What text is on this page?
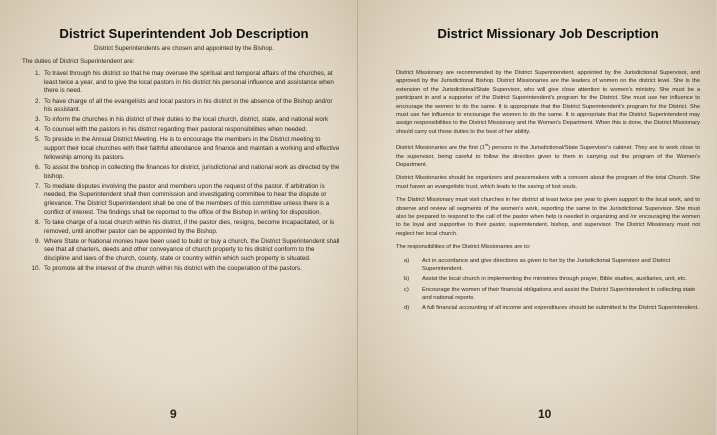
District Superintendent Job Description

District Superintendents are chosen and appointed by the Bishop.

The duties of District Superintendent are:

1. To travel through his district so that he may oversee the spiritual and temporal affairs of the churches, at least twice a year, and to give the local pastors in his district his personal influence and assistance when there is need.
2. To have charge of all the evangelists and local pastors in his district in the absence of the Bishop and/or his assistant.
3. To inform the churches in his district of their duties to the local church, district, state, and national work
4. To counsel with the pastors in his district regarding their pastoral responsibilities when needed.
5. To preside in the Annual District Meeting. He is to encourage the members in the District meeting to support their local churches with their faithful attendance and finance and maintain a working and effective fellowship among its pastors.
6. To assist the bishop in collecting the finances for district, jurisdictional and national work as directed by the bishop.
7. To mediate disputes involving the pastor and members upon the request of the pastor. If arbitration is needed, the Superintendent shall then commission and investigating committee to hear the dispute or grievance. The District Superintendent shall be one of the members of this committee unless there is a conflict of interest. The findings shall be reported to the office of the Bishop in writing for disposition.
8. To take charge of a local church within his district, if the pastor dies, resigns, become incapacitated, or is removed, until another pastor can be appointed by the Bishop.
9. Where State or National monies have been used to build or buy a church, the District Superintendent shall see that all charters, deeds and other conveyance of church property to his district conform to the discipline and laws of the church, county, state or country within which such property is situated.
10. To promote all the interest of the church within his district with the cooperation of the pastors.
9
District Missionary Job Description

District Missionary are recommended by the District Superintendent, appointed by the Jurisdictional Supervisor, and approved by the Jurisdictional Bishop. District Missionaries are the leaders of women on the district level. She is the extension of the Jurisdictional/State Supervisor, who will give close attention to women's ministry. She must be a participant in and a supporter of the District Superintendent's program for the District. She must use her influence to encourage the women to do the same. It is appropriate that the District Superintendent's program for the District. She must use her influence to encourage the women to do the same. It is appropriate that the District Superintendent may assign responsibilities to the District Missionary and the Women's Department. When this is done, the District Missionary should carry out those duties to the best of her ability.

District Missionaries are the first (1st) persons in the Jurisdictional/State Supervisor's cabinet. They are to work close to the supervisor, being careful to follow the direction given to them in carrying out the program of the Women's Department.

District Missionaries should be organizers and peacemakers with a concern about the program of the total Church. She must haven an evangelistic trust, which leads to the saving of lost souls.

The District Missionary must visit churches in her district at least twice per year to given support to the local work, and to observe and review all segments of the women's work, reporting the same to the Jurisdictional Supervisor. She must also be prepared to respond to the call of the pastor when help is needed in organizing and /or encouraging the women to be loyal and supportive to their pastor, superintendent, bishop, and supervisor. The District Missionary must not neglect her local church.

The responsibilities of the District Missionaries are to:

a)	Act in accordance and give directions as given to her by the Jurisdictional Supervisor and District Superintendent.
b)	Assist the local church in implementing the ministries through prayer, Bible studies, auxiliaries, unit, etc.
c)	Encourage the women of their financial obligations and assist the District Superintendent in collecting state and national reports.
d)	A full financial accounting of all income and expenditures should be submitted to the District Superintendent.
10
